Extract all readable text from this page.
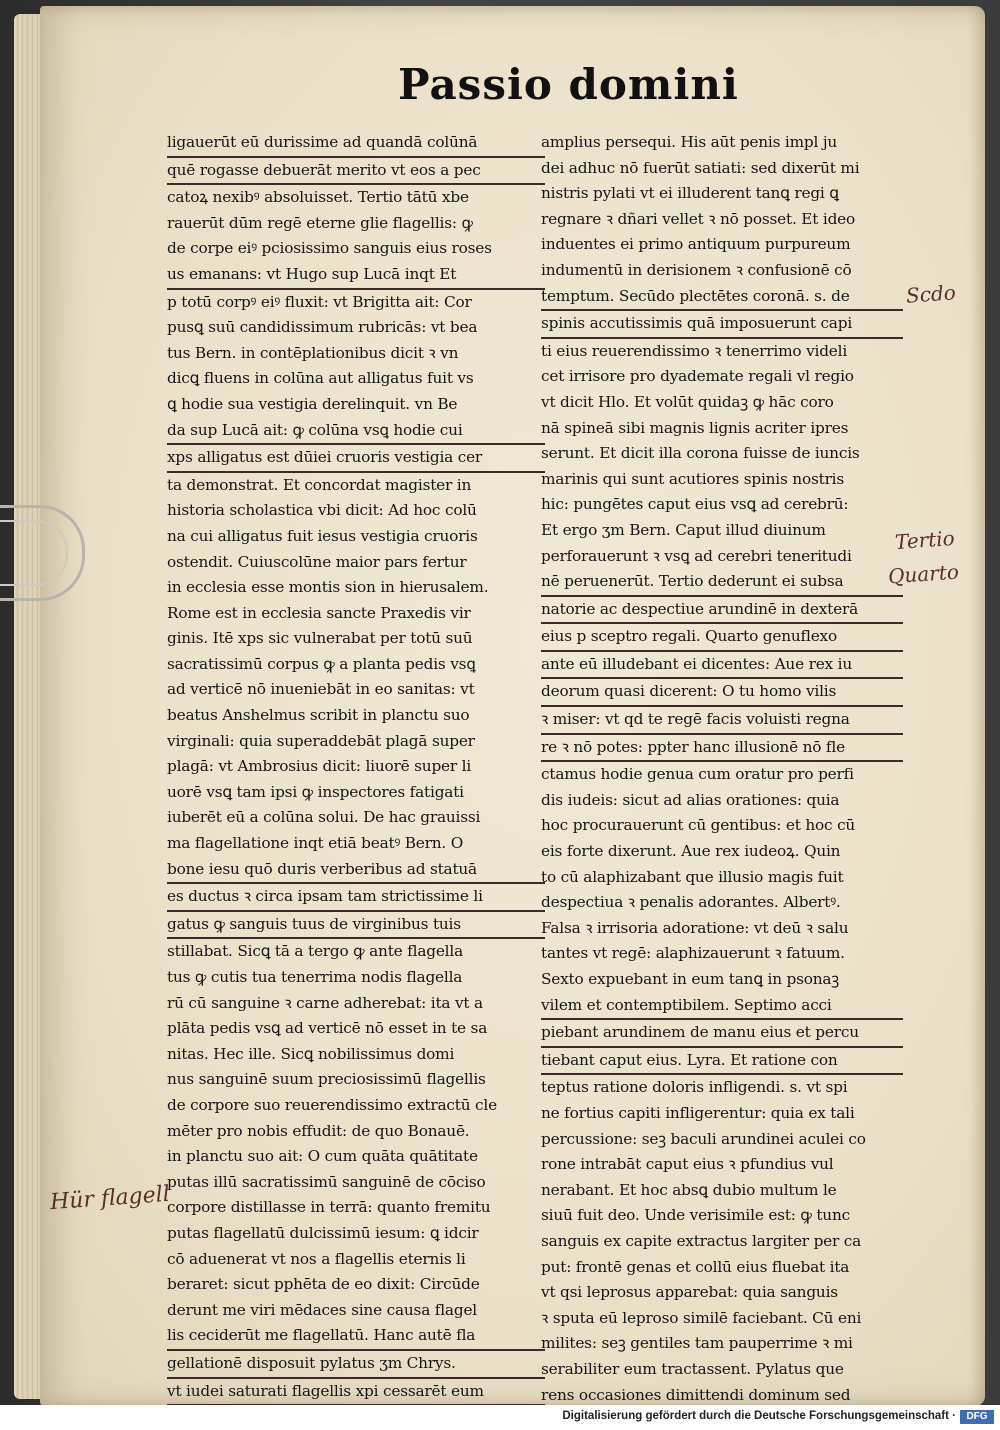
Passio domini
ligauerūt eū durissime ad quandā colūnā
quē rogasse debuerāt merito vt eos a pec
catoꝝ nexibꝰ absoluisset. Tertio tātū xbe
rauerūt dūm regē eterne glie flagellis: ꝙ
de corpe eiꝰ pciosissimo sanguis eius roses
us emanans: vt Hugo sup Lucā inqt Et
p totū corpꝰ eiꝰ fluxit: vt Brigitta ait: Cor
pusꝗ suū candidissimum rubricās: vt bea
tus Bern. in contēplationibus dicit ꝛ vn
dicꝗ fluens in colūna aut alligatus fuit vs
ꝗ hodie sua vestigia derelinquit. vn Be
da sup Lucā ait: ꝙ colūna vsꝗ hodie cui
xps alligatus est dūiei cruoris vestigia cer
ta demonstrat. Et concordat magister in
historia scholastica vbi dicit: Ad hoc colū
na cui alligatus fuit iesus vestigia cruoris
ostendit. Cuiuscolūne maior pars fertur
in ecclesia esse montis sion in hierusalem.
Rome est in ecclesia sancte Praxedis vir
ginis. Itē xps sic vulnerabat per totū suū
sacratissimū corpus ꝙ a planta pedis vsꝗ
ad verticē nō inueniebāt in eo sanitas: vt
beatus Anshelmus scribit in planctu suo
virginali: quia superaddebāt plagā super
plagā: vt Ambrosius dicit: liuorē super li
uorē vsꝗ tam ipsi ꝙ inspectores fatigati
iuberēt eū a colūna solui. De hac grauissi
ma flagellatione inqt etiā beatꝰ Bern. O
bone iesu quō duris verberibus ad statuā
es ductus ꝛ circa ipsam tam strictissime li
gatus ꝙ sanguis tuus de virginibus tuis
stillabat. Sicꝗ tā a tergo ꝙ ante flagella
tus ꝙ cutis tua tenerrima nodis flagella
rū cū sanguine ꝛ carne adherebat: ita vt a
plāta pedis vsꝗ ad verticē nō esset in te sa
nitas. Hec ille. Sicꝗ nobilissimus domi
nus sanguinē suum preciosissimū flagellis
de corpore suo reuerendissimo extractū cle
mēter pro nobis effudit: de quo Bonauē.
in planctu suo ait: O cum quāta quātitate
putas illū sacratissimū sanguinē de cōciso
corpore distillasse in terrā: quanto fremitu
putas flagellatū dulcissimū iesum: ꝗ idcir
cō aduenerat vt nos a flagellis eternis li
beraret: sicut pphēta de eo dixit: Circūde
derunt me viri mēdaces sine causa flagel
lis ceciderūt me flagellatū. Hanc autē fla
gellationē disposuit pylatus ʒm Chrys.
vt iudei saturati flagellis xpi cessarēt eum
amplius persequi. His aūt penis impl ju
dei adhuc nō fuerūt satiati: sed dixerūt mi
nistris pylati vt ei illuderent tanꝗ regi ꝗ
regnare ꝛ dñari vellet ꝛ nō posset. Et ideo
induentes ei primo antiquum purpureum
indumentū in derisionem ꝛ confusionē cō
temptum. Secūdo plectētes coronā. s. de
spinis accutissimis quā imposuerunt capi
ti eius reuerendissimo ꝛ tenerrimo videli
cet irrisore pro dyademate regali vl regio
vt dicit Hlo. Et volūt quidaꝫ ꝙ hāc coro
nā spineā sibi magnis lignis acriter ipres
serunt. Et dicit illa corona fuisse de iuncis
marinis qui sunt acutiores spinis nostris
hic: pungētes caput eius vsꝗ ad cerebrū:
Et ergo ʒm Bern. Caput illud diuinum
perforauerunt ꝛ vsꝗ ad cerebri teneritudi
nē peruenerūt. Tertio dederunt ei subsa
natorie ac despectiue arundinē in dexterā
eius p sceptro regali. Quarto genuflexo
ante eū illudebant ei dicentes: Aue rex iu
deorum quasi dicerent: O tu homo vilis
ꝛ miser: vt qd te regē facis voluisti regna
re ꝛ nō potes: ppter hanc illusionē nō fle
ctamus hodie genua cum oratur pro perfi
dis iudeis: sicut ad alias orationes: quia
hoc procurauerunt cū gentibus: et hoc cū
eis forte dixerunt. Aue rex iudeoꝝ. Quin
to cū alaphizabant que illusio magis fuit
despectiua ꝛ penalis adorantes. Albertꝰ.
Falsa ꝛ irrisoria adoratione: vt deū ꝛ salu
tantes vt regē: alaphizauerunt ꝛ fatuum.
Sexto expuebant in eum tanꝗ in psonaꝫ
vilem et contemptibilem. Septimo acci
piebant arundinem de manu eius et percu
tiebant caput eius. Lyra. Et ratione con
teptus ratione doloris infligendi. s. vt spi
ne fortius capiti infligerentur: quia ex tali
percussione: seꝫ baculi arundinei aculei co
rone intrabāt caput eius ꝛ pfundius vul
nerabant. Et hoc absꝗ dubio multum le
siuū fuit deo. Unde verisimile est: ꝙ tunc
sanguis ex capite extractus largiter per ca
put: frontē genas et collū eius fluebat ita
vt qsi leprosus apparebat: quia sanguis
ꝛ sputa eū leproso similē faciebant. Cū eni
milites: seꝫ gentiles tam pauperrime ꝛ mi
serabiliter eum tractassent. Pylatus que
rens occasiones dimittendi dominum sed
Scdo
Tertio
Quarto
Hür flagell
Digitalisierung gefördert durch die Deutsche Forschungsgemeinschaft ·	DFG
